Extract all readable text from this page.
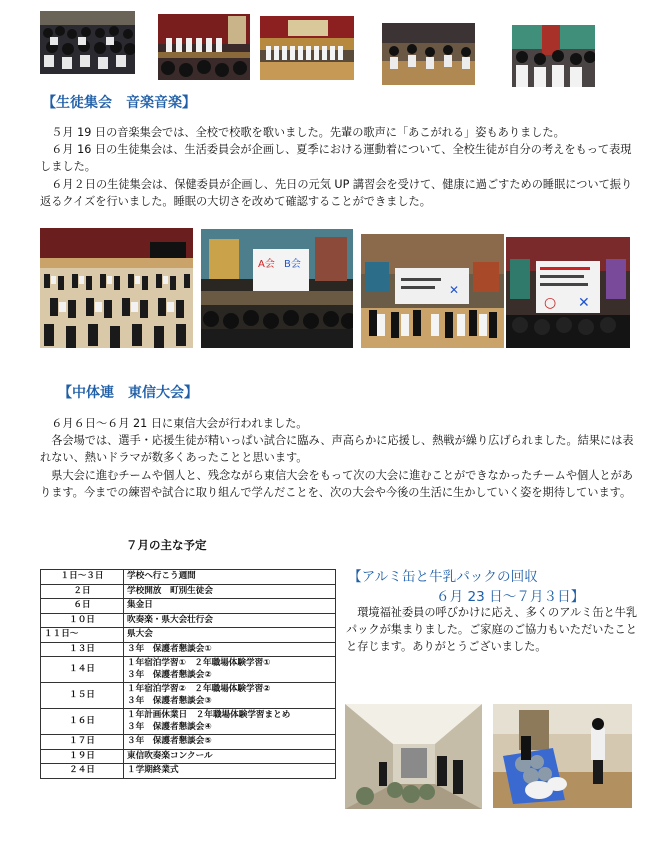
【生徒集会　音楽音楽】

　５月 19 日の音楽集会では、全校で校歌を歌いました。先輩の歌声に「あこがれる」姿もありました。

　６月 16 日の生徒集会は、生活委員会が企画し、夏季における運動着について、全校生徒が自分の考えをもって表現しました。

　６月２日の生徒集会は、保健委員が企画し、先日の元気 UP 講習会を受けて、健康に過ごすための睡眠について振り返るクイズを行いました。睡眠の大切さを改めて確認することができました。

A会 B会
✕
○ ✕
【中体連　東信大会】

　６月６日～６月 21 日に東信大会が行われました。

　各会場では、選手・応援生徒が精いっぱい試合に臨み、声高らかに応援し、熱戦が繰り広げられました。結果には表れない、熱いドラマが数多くあったことと思います。

　県大会に進むチームや個人と、残念ながら東信大会をもって次の大会に進むことができなかったチームや個人とがあります。今までの練習や試合に取り組んで学んだことを、次の大会や今後の生活に生かしていく姿を期待しています。

７月の主な予定
１日～３日	学校へ行こう週間

２日	学校開放　町別生徒会

６日	集金日

１０日	吹奏楽・県大会壮行会

１１日～	県大会

１３日	３年　保護者懇談会①

１４日	１年宿泊学習①　２年職場体験学習①
３年　保護者懇談会②

１５日	１年宿泊学習②　２年職場体験学習②
３年　保護者懇談会③

１６日	１年計画休業日　２年職場体験学習まとめ
３年　保護者懇談会④

１７日	３年　保護者懇談会⑤

１９日	東信吹奏楽コンクール

２４日	１学期終業式
【アルミ缶と牛乳パックの回収
６月 23 日～７月３日】
　環境福祉委員の呼びかけに応え、多くのアルミ缶と牛乳パックが集まりました。ご家庭のご協力もいただいたことと存じます。ありがとうございました。
